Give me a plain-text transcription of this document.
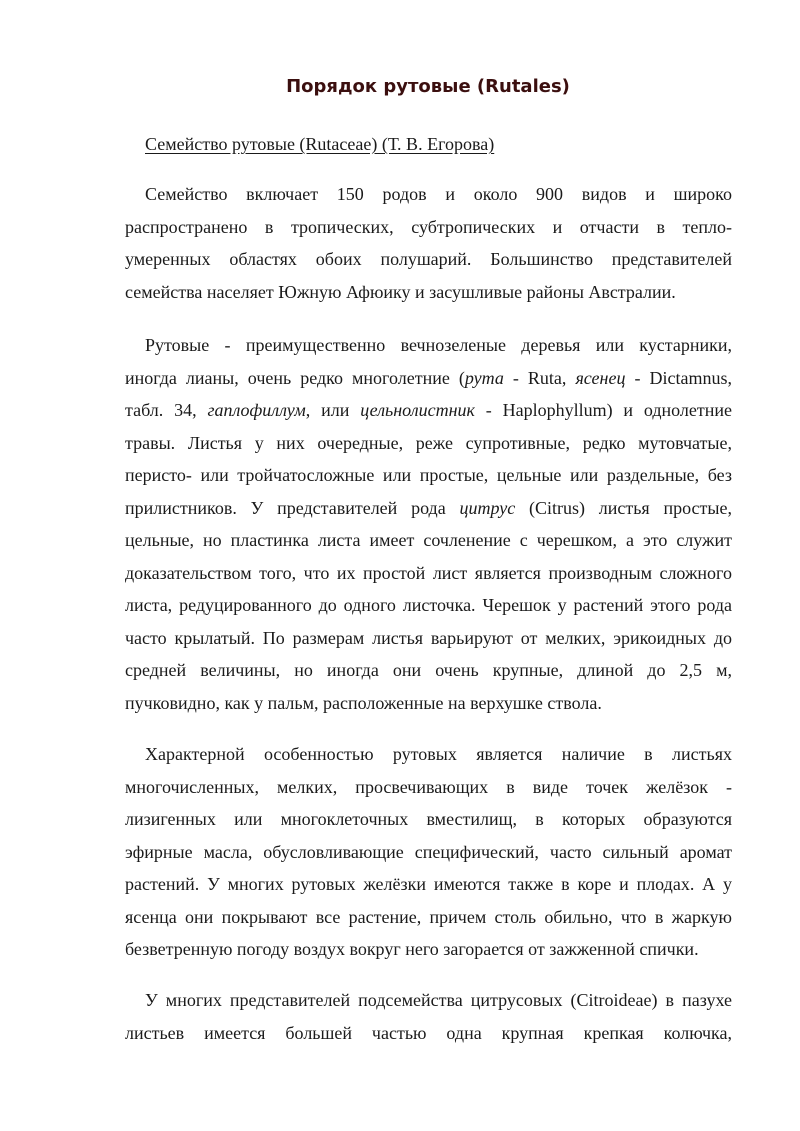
Порядок рутовые (Rutales)
Семейство рутовые (Rutaceae) (Т. В. Егорова)
Семейство включает 150 родов и около 900 видов и широко
распространено в тропических, субтропических и отчасти в тепло-
умеренных областях обоих полушарий. Большинство представителей
семейства населяет Южную Афюику и засушливые районы Австралии.
Рутовые - преимущественно вечнозеленые деревья или кустарники,
иногда лианы, очень редко многолетние (рута - Ruta, ясенец - Dictamnus,
табл. 34, гаплофиллум, или цельнолистник - Haplophyllum) и однолетние
травы. Листья у них очередные, реже супротивные, редко мутовчатые,
перисто- или тройчатосложные или простые, цельные или раздельные, без
прилистников. У представителей рода цитрус (Citrus) листья простые,
цельные, но пластинка листа имеет сочленение с черешком, а это служит
доказательством того, что их простой лист является производным сложного
листа, редуцированного до одного листочка. Черешок у растений этого рода
часто крылатый. По размерам листья варьируют от мелких, эрикоидных до
средней величины, но иногда они очень крупные, длиной до 2,5 м,
пучковидно, как у пальм, расположенные на верхушке ствола.
Характерной особенностью рутовых является наличие в листьях
многочисленных, мелких, просвечивающих в виде точек желёзок -
лизигенных или многоклеточных вместилищ, в которых образуются
эфирные масла, обусловливающие специфический, часто сильный аромат
растений. У многих рутовых желёзки имеются также в коре и плодах. А у
ясенца они покрывают все растение, причем столь обильно, что в жаркую
безветренную погоду воздух вокруг него загорается от зажженной спички.
У многих представителей подсемейства цитрусовых (Citroideae) в пазухе
листьев имеется большей частью одна крупная крепкая колючка,
